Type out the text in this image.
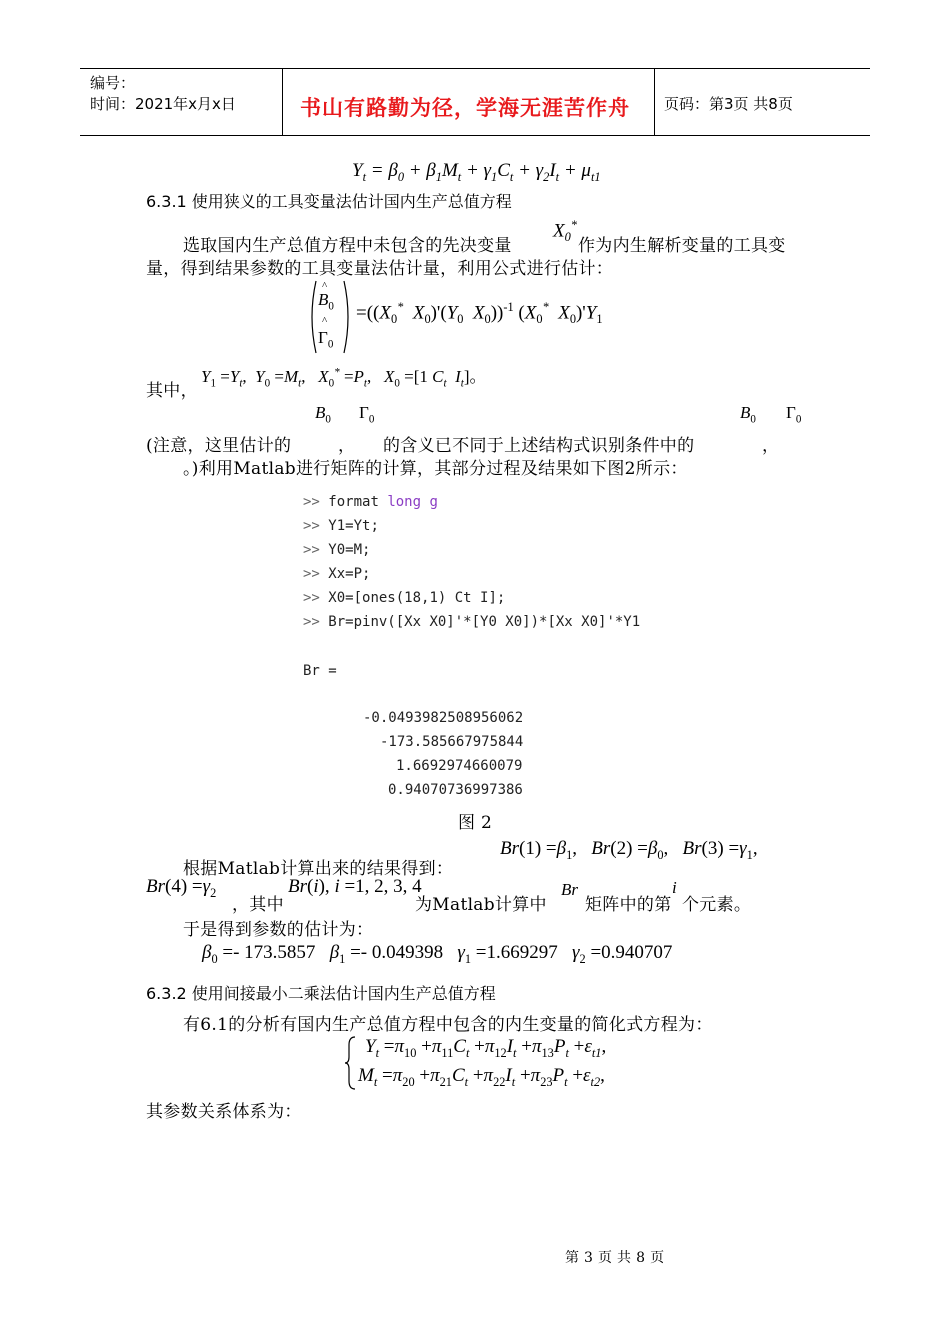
编号：
时间：2021年x月x日	书山有路勤为径，学海无涯苦作舟 页码：第3页 共8页
$Y_t = \beta_0 + \beta_1M_t + \gamma_1C_t + \gamma_2I_t + \mu_{t1}$
6.3.1 使用狭义的工具变量法估计国内生产总值方程
选取国内生产总值方程中未包含的先决变量
$X_0^*$
作为内生解析变量的工具变
量，得到结果参数的工具变量法估计量，利用公式进行估计：
^
$B_0$
^
$\Gamma_0$
$=((X_0^*$  $X_0)'(Y_0$  $X_0))^{-1}$ ($X_0^*$  $X_0)'Y_1$
其中，
$Y_1 =Y_t$,  $Y_0 =M_t$,   $X_0^* =P_t$,   $X_0 =[1$ $C_t$  $I_t$]。
$B_0$ $\Gamma_0$	$B_0$ $\Gamma_0$
(注意，这里估计的	， 的含义已不同于上述结构式识别条件中的	，
。)利用Matlab进行矩阵的计算，其部分过程及结果如下图2所示：
>> format long g
>> Y1=Yt;
>> Y0=M;
>> Xx=P;
>> X0=[ones(18,1) Ct I];
>> Br=pinv([Xx X0]'*[Y0 X0])*[Xx X0]'*Y1
Br =
-0.0493982508956062
-173.585667975844
1.6692974660079
0.94070736997386
图 2
根据Matlab计算出来的结果得到：
$Br(1) =\beta_1$,   $Br(2) =\beta_0$,   $Br(3) =\gamma_1$,
$Br(4) =\gamma_2$
，其中
Br(i), i =1, 2, 3, 4
为Matlab计算中
Br
矩阵中的第
i
个元素。
于是得到参数的估计为：
$\beta_0 =- 173.5857$   $\beta_1 =- 0.049398$   $\gamma_1 =1.669297$   $\gamma_2 =0.940707$
6.3.2 使用间接最小二乘法估计国内生产总值方程
有6.1的分析有国内生产总值方程中包含的内生变量的简化式方程为：
$Y_t =\pi_{10} +\pi_{11}C_t +\pi_{12}I_t +\pi_{13}P_t +\varepsilon_{t1}$,
$M_t =\pi_{20} +\pi_{21}C_t +\pi_{22}I_t +\pi_{23}P_t +\varepsilon_{t2}$,
其参数关系体系为：
第 3 页 共 8 页
